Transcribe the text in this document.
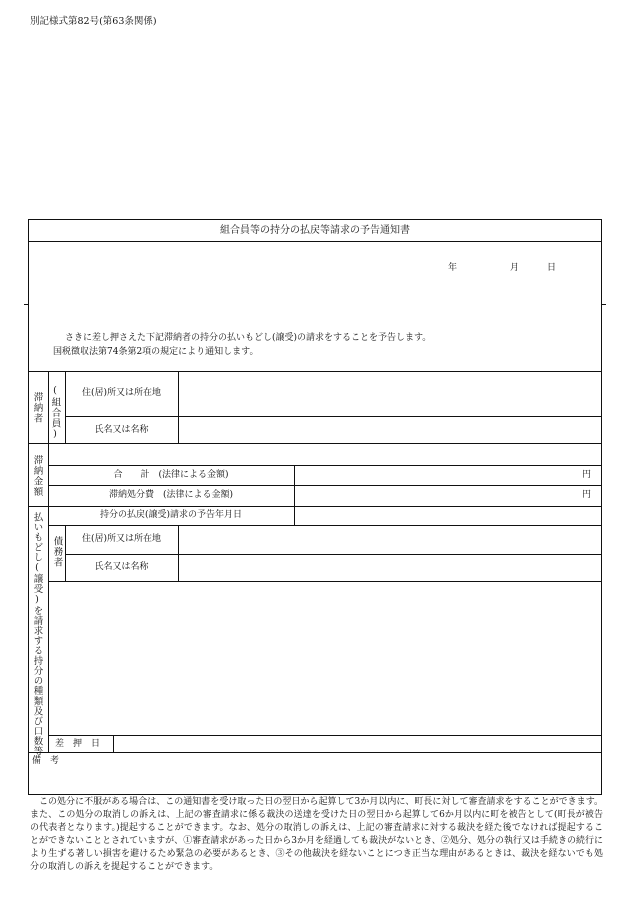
別記様式第82号(第63条関係)
組合員等の持分の払戻等請求の予告通知書
年	月	日
さきに差し押さえた下記滞納者の持分の払いもどし(譲受)の請求をすることを予告します。
国税徴収法第74条第2項の規定により通知します。
滞納者 (組合員)	住(居)所又は所在地
氏名又は名称
滞納金額	合　　計　(法律による金額)	円
滞納処分費　(法律による金額)	円
払いもどし(譲受)を請求する持分の種類及び口数等	持分の払戻(譲受)請求の予告年月日
債務者	住(居)所又は所在地
氏名又は名称
差　押　日
備　考
この処分に不服がある場合は、この通知書を受け取った日の翌日から起算して3か月以内に、町長に対して審査請求をすることができます。また、この処分の取消しの訴えは、上記の審査請求に係る裁決の送達を受けた日の翌日から起算して6か月以内に町を被告として(町長が被告の代表者となります。)提起することができます。なお、処分の取消しの訴えは、上記の審査請求に対する裁決を経た後でなければ提起することができないこととされていますが、①審査請求があった日から3か月を経過しても裁決がないとき、②処分、処分の執行又は手続きの続行により生ずる著しい損害を避けるため緊急の必要があるとき、③その他裁決を経ないことにつき正当な理由があるときは、裁決を経ないでも処分の取消しの訴えを提起することができます。
